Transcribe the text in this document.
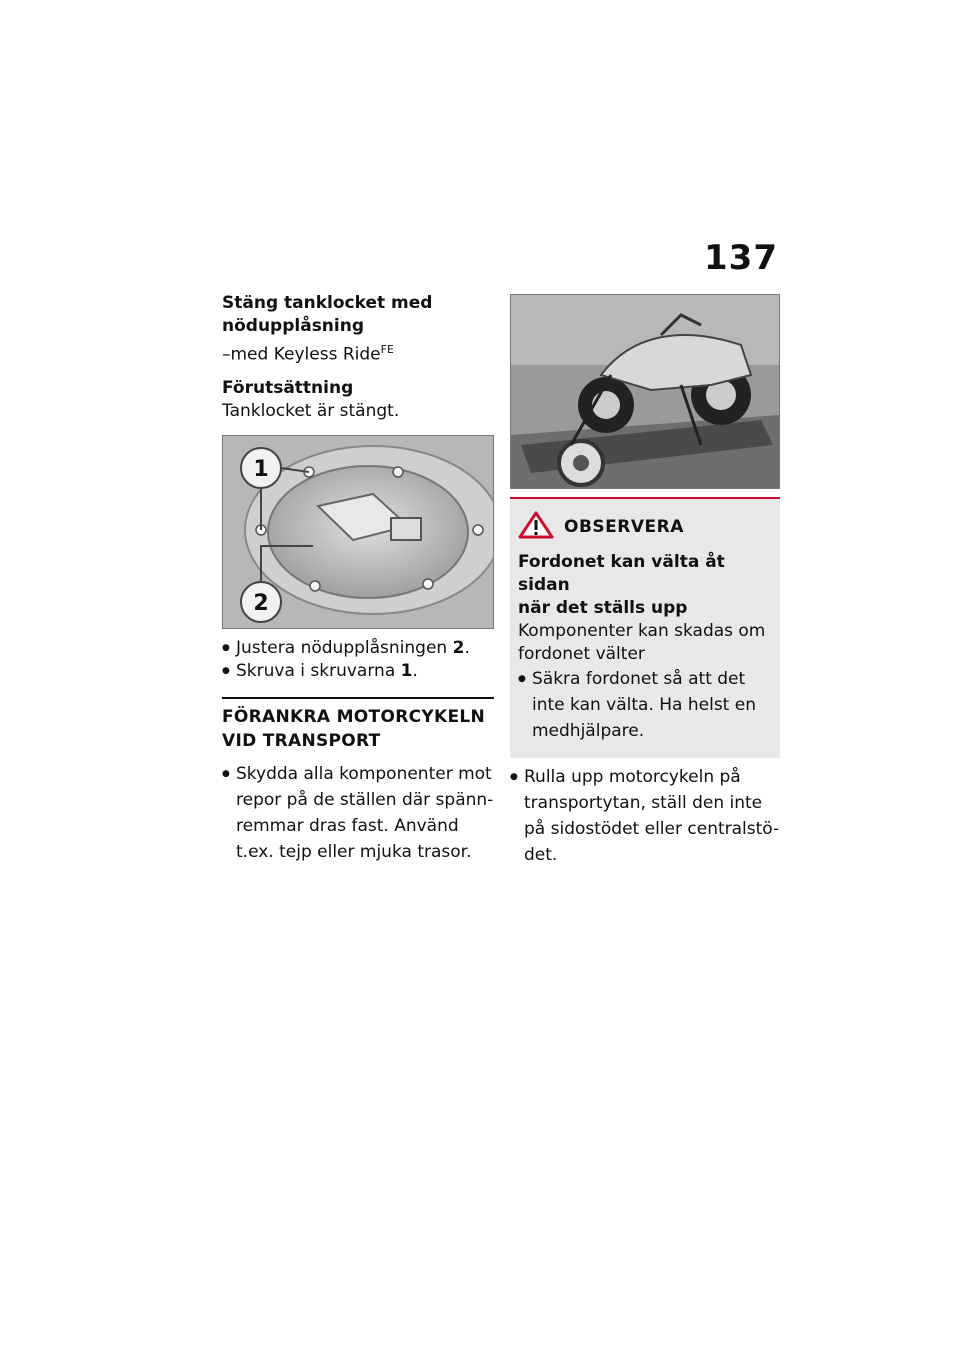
137

Stäng tanklocket med
nödupplåsning

–med Keyless Ride$^{FE}$

Förutsättning

Tanklocket är stängt.

1
2
● Justera nödupplåsningen 2.
● Skruva i skruvarna 1.

FÖRANKRA MOTORCYKELN
VID TRANSPORT

● Skydda alla komponenter mot repor på de ställen där spänn-remmar dras fast. Använd t.ex. tejp eller mjuka trasor.
OBSERVERA

Fordonet kan välta åt sidan
när det ställs upp

Komponenter kan skadas om fordonet välter

● Säkra fordonet så att det inte kan välta. Ha helst en medhjälpare.
● Rulla upp motorcykeln på transportytan, ställ den inte på sidostödet eller centralstö-det.
